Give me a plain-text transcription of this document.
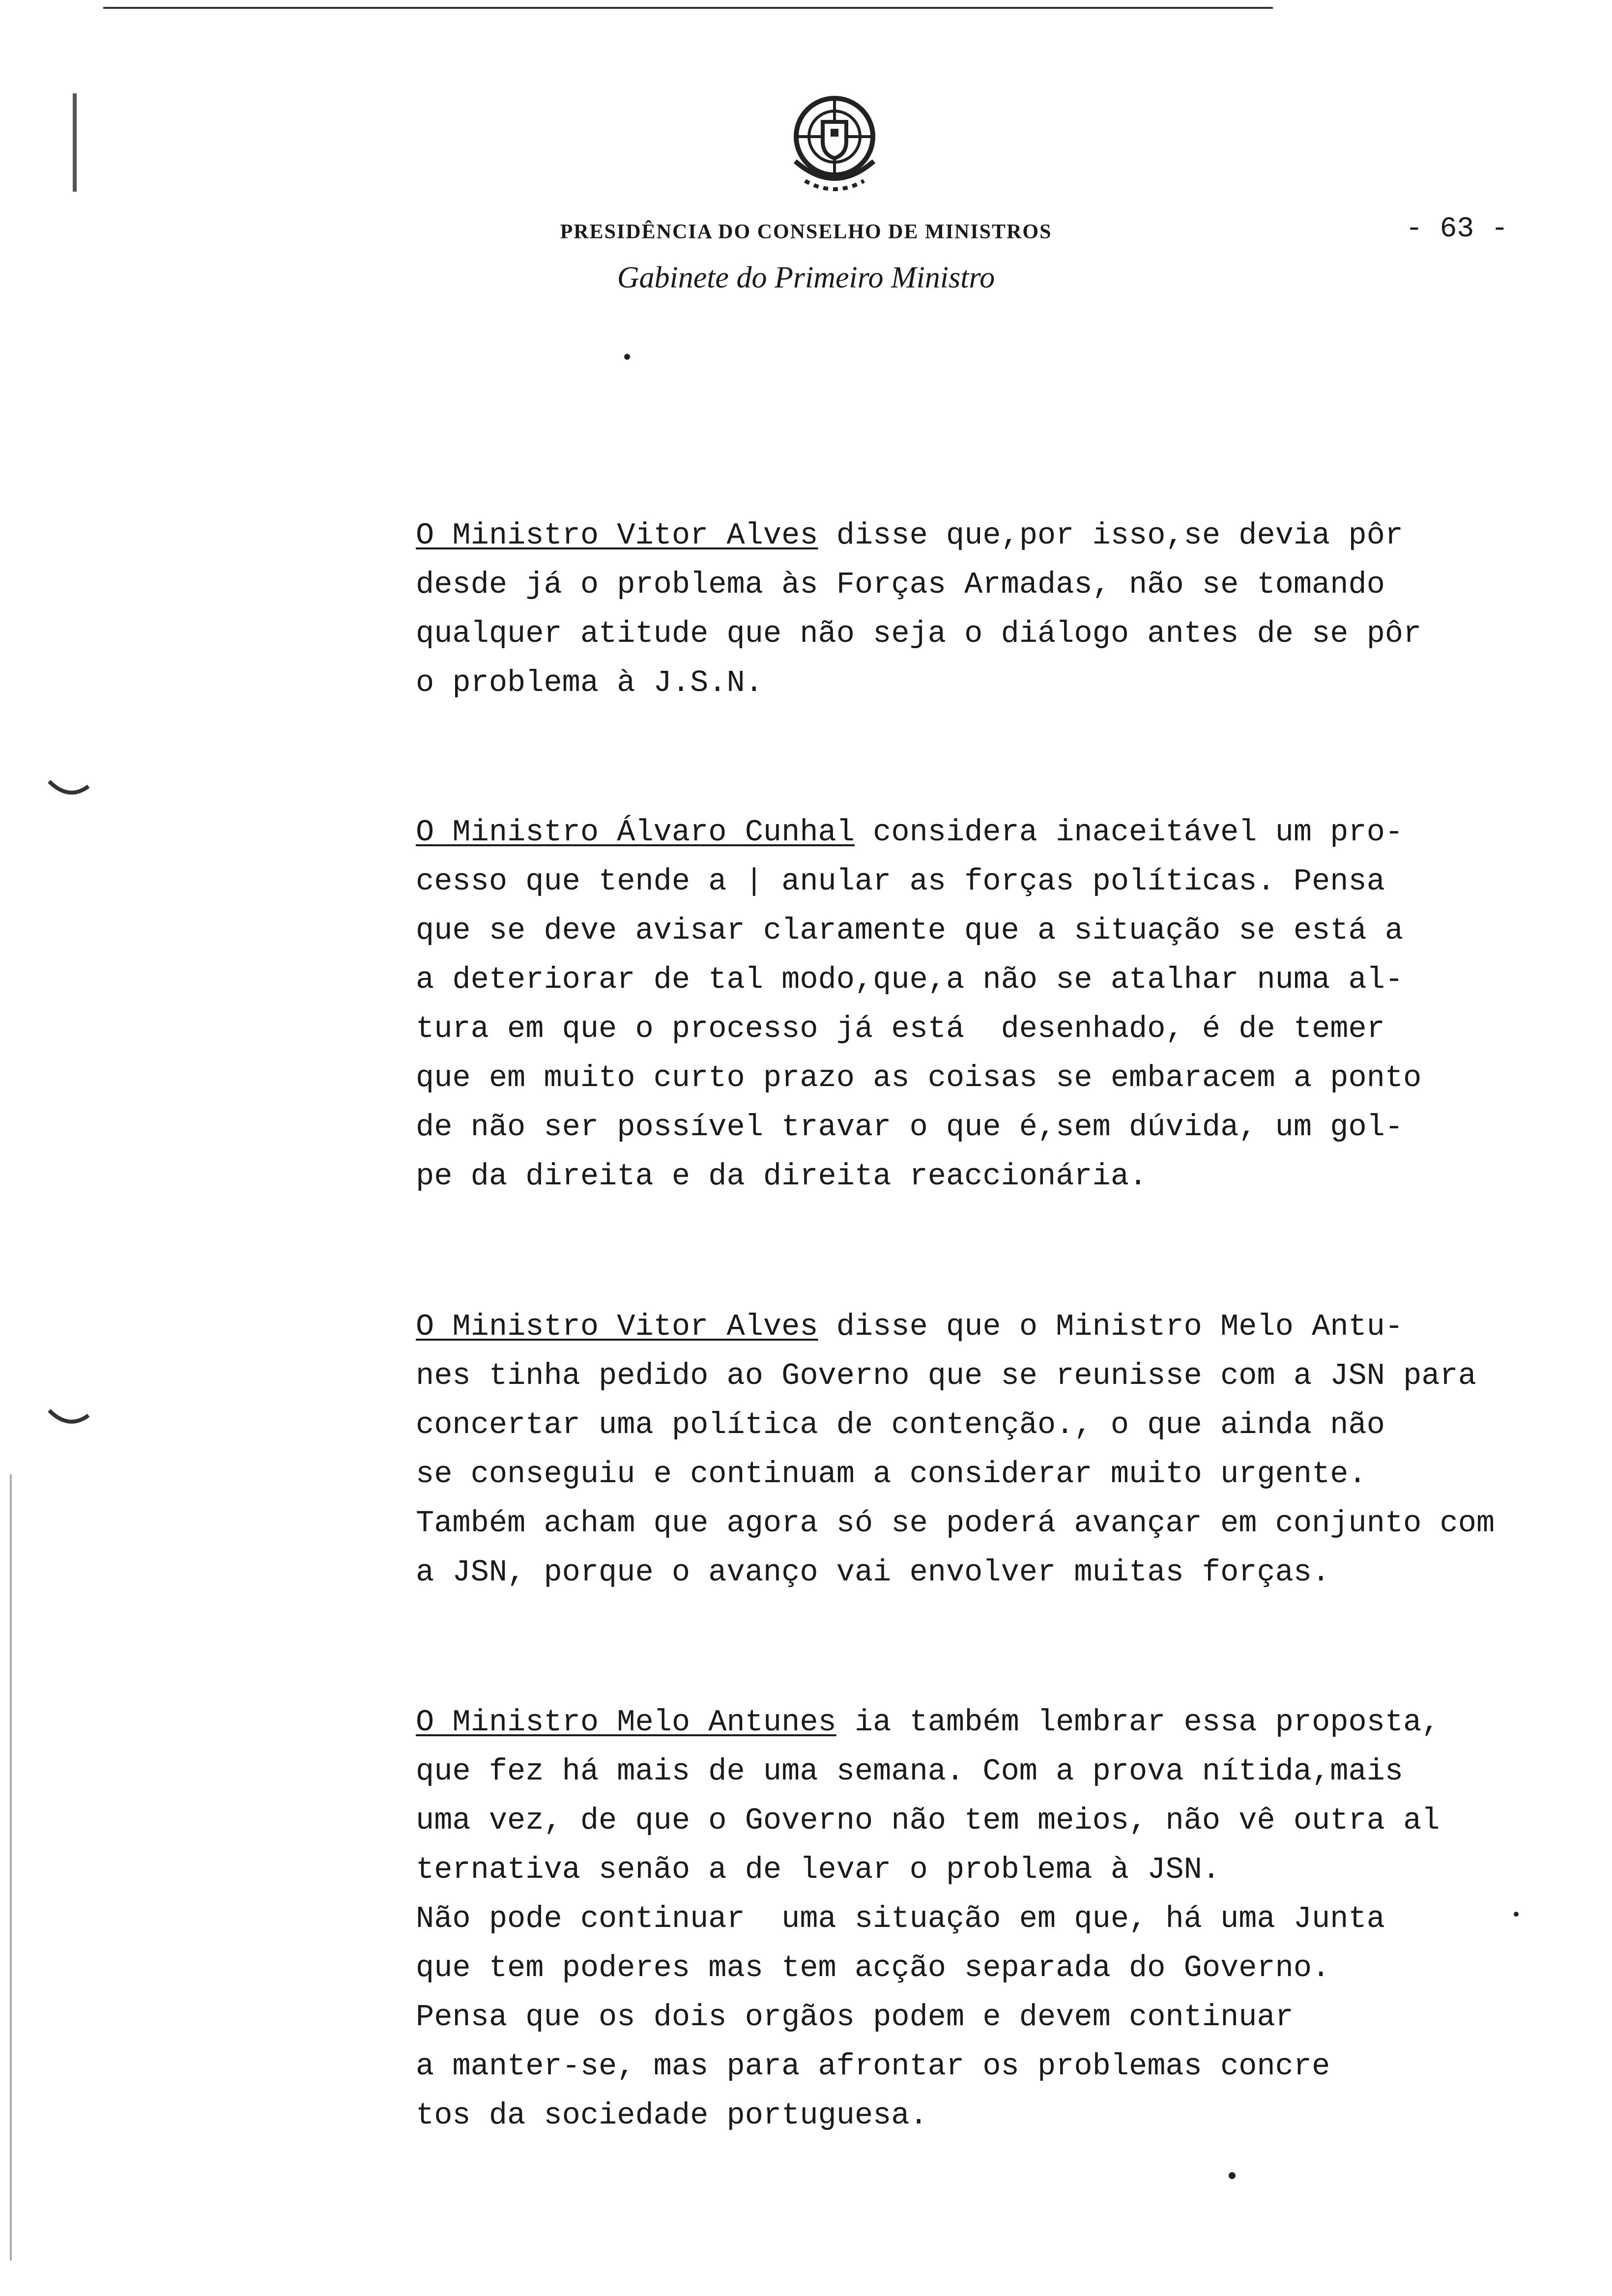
PRESIDÊNCIA DO CONSELHO DE MINISTROS	- 63 -
Gabinete do Primeiro Ministro
O Ministro Vitor Alves disse que,por isso,se devia pôr
desde já o problema às Forças Armadas, não se tomando
qualquer atitude que não seja o diálogo antes de se pôr
o problema à J.S.N.
O Ministro Álvaro Cunhal considera inaceitável um pro-
cesso que tende a | anular as forças políticas. Pensa
que se deve avisar claramente que a situação se está a
a deteriorar de tal modo,que,a não se atalhar numa al-
tura em que o processo já está  desenhado, é de temer
que em muito curto prazo as coisas se embaracem a ponto
de não ser possível travar o que é,sem dúvida, um gol-
pe da direita e da direita reaccionária.
O Ministro Vitor Alves disse que o Ministro Melo Antu-
nes tinha pedido ao Governo que se reunisse com a JSN para
concertar uma política de contenção., o que ainda não
se conseguiu e continuam a considerar muito urgente.
Também acham que agora só se poderá avançar em conjunto com
a JSN, porque o avanço vai envolver muitas forças.
O Ministro Melo Antunes ia também lembrar essa proposta,
que fez há mais de uma semana. Com a prova nítida,mais
uma vez, de que o Governo não tem meios, não vê outra al
ternativa senão a de levar o problema à JSN.
Não pode continuar  uma situação em que, há uma Junta
que tem poderes mas tem acção separada do Governo.
Pensa que os dois orgãos podem e devem continuar
a manter-se, mas para afrontar os problemas concre
tos da sociedade portuguesa.
